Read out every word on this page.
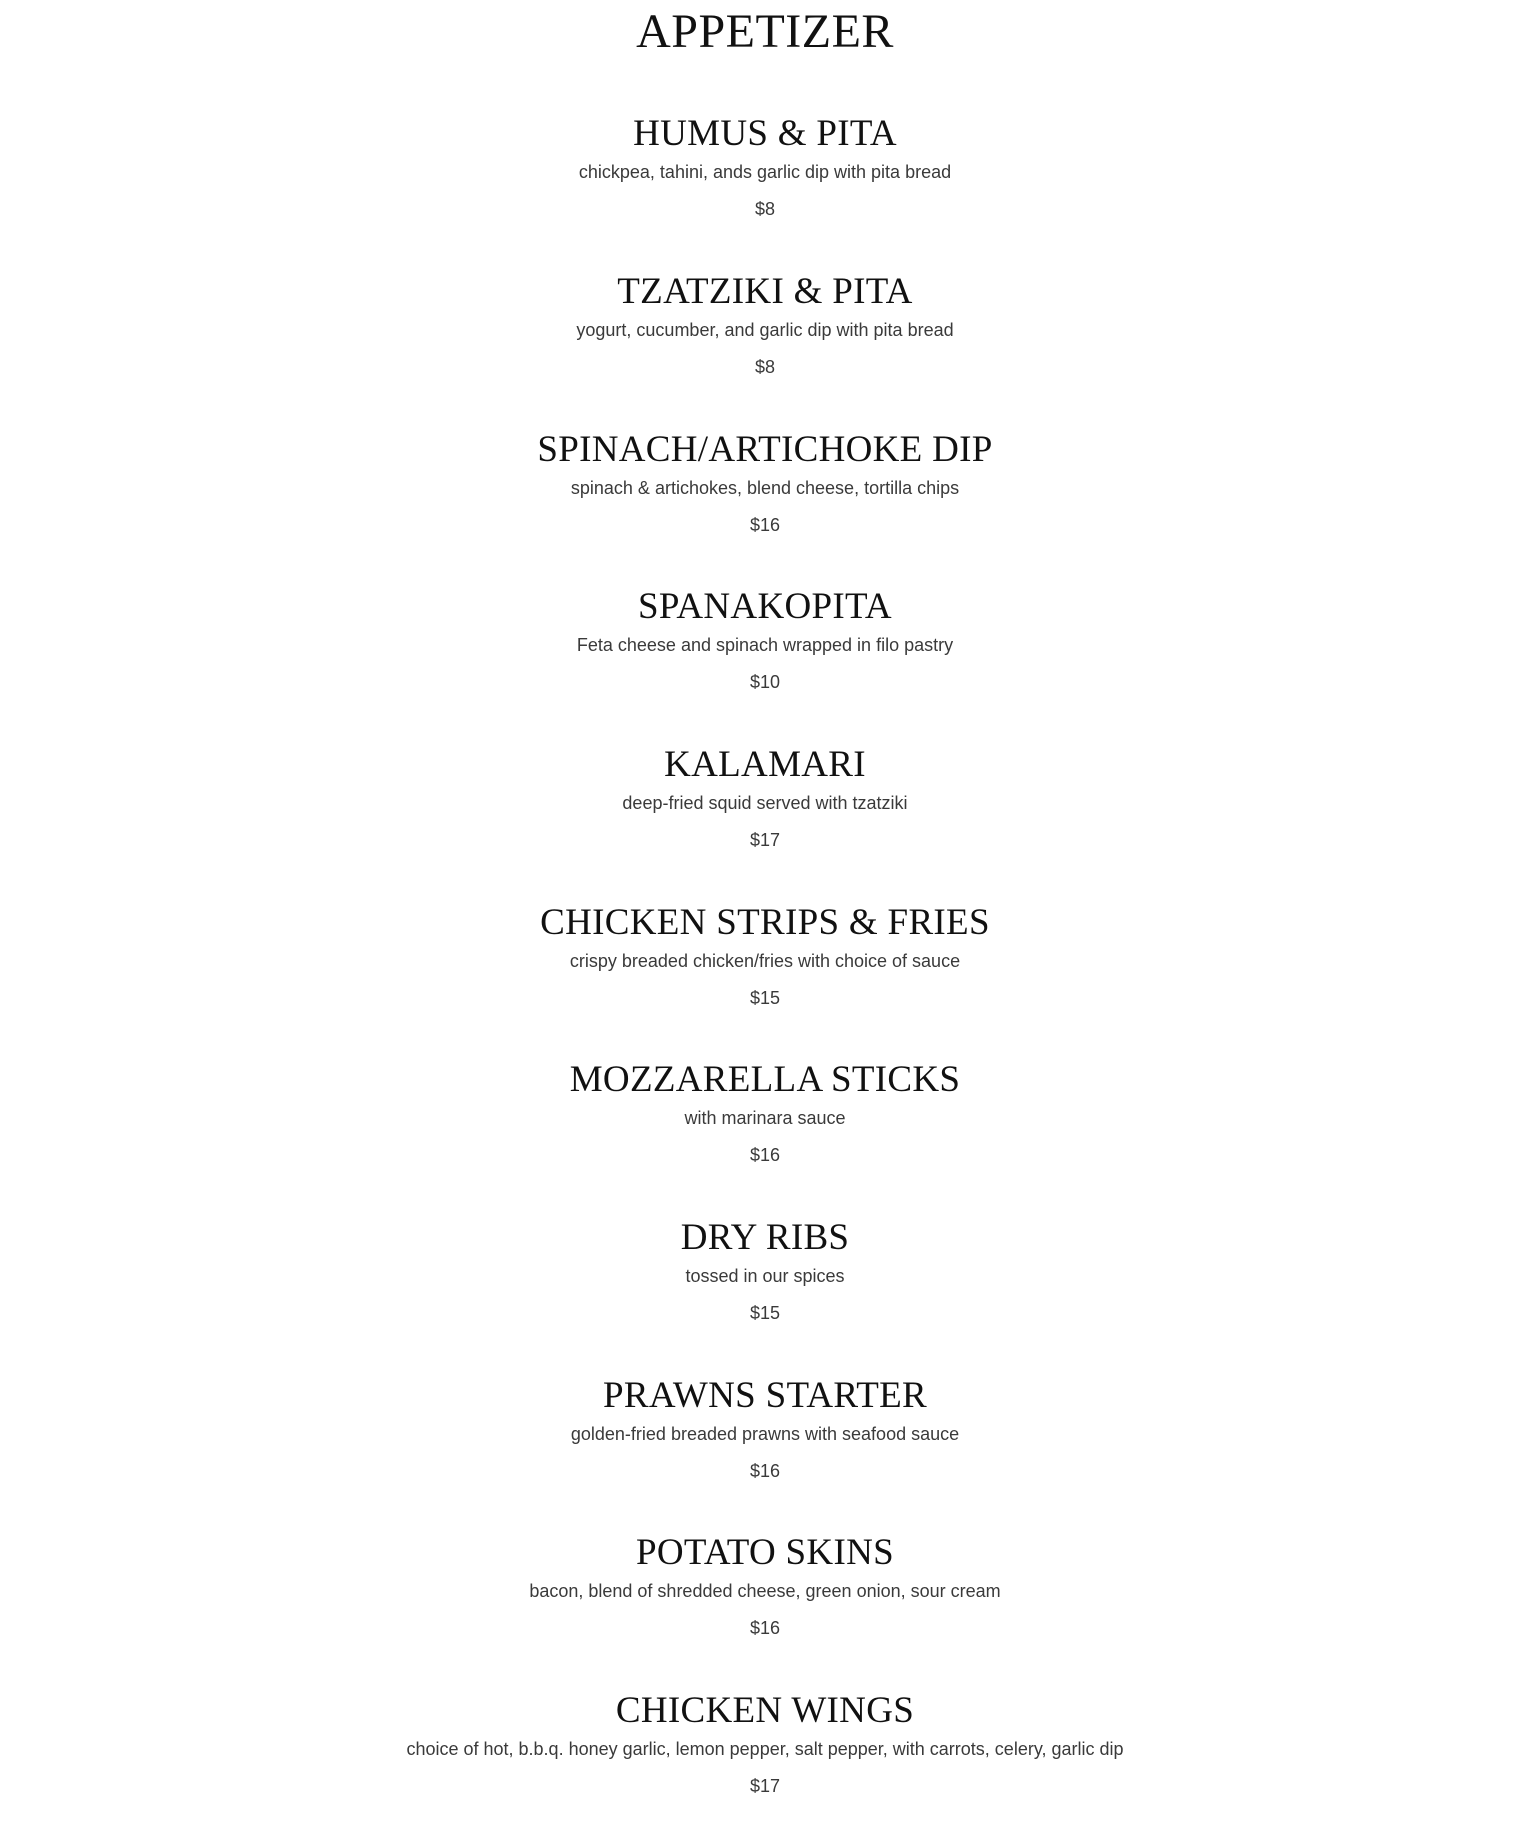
APPETIZER
HUMUS & PITA

chickpea, tahini, ands garlic dip with pita bread

$8

TZATZIKI & PITA

yogurt, cucumber, and garlic dip with pita bread

$8

SPINACH/ARTICHOKE DIP

spinach & artichokes, blend cheese, tortilla chips

$16

SPANAKOPITA

Feta cheese and spinach wrapped in filo pastry

$10

KALAMARI

deep-fried squid served with tzatziki

$17

CHICKEN STRIPS & FRIES

crispy breaded chicken/fries with choice of sauce

$15

MOZZARELLA STICKS

with marinara sauce

$16

DRY RIBS

tossed in our spices

$15

PRAWNS STARTER

golden-fried breaded prawns with seafood sauce

$16

POTATO SKINS

bacon, blend of shredded cheese, green onion, sour cream

$16

CHICKEN WINGS

choice of hot, b.b.q. honey garlic, lemon pepper, salt pepper, with carrots, celery, garlic dip

$17
